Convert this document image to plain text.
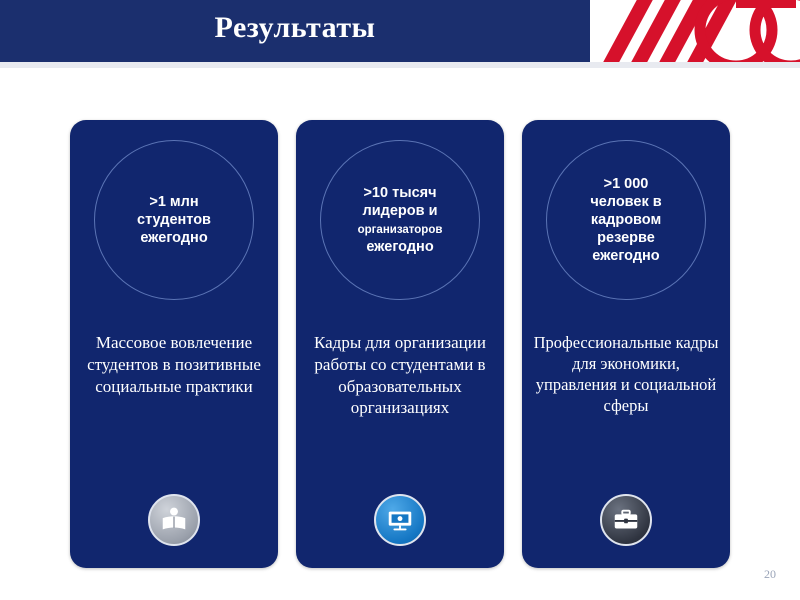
Результаты
>1 млн
студентов
ежегодно
Массовое вовлечение студентов в позитивные социальные практики
>10 тысяч
лидеров и
организаторов
ежегодно
Кадры для организации работы со студентами в образовательных организациях
>1 000
человек в
кадровом
резерве
ежегодно
Профессиональные кадры для экономики, управления и социальной сферы
20
